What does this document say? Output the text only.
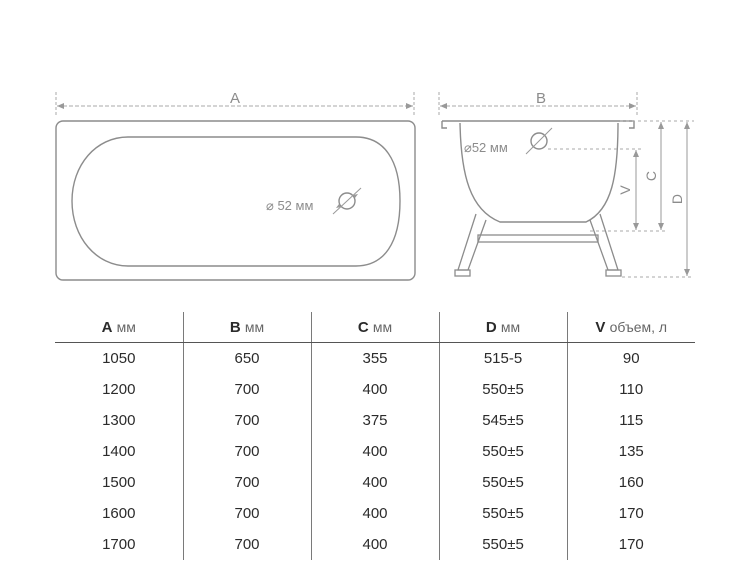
A
⌀ 52 мм
B
⌀52 мм
V
C
D
A мм	B мм	C мм	D мм	V объем, л
1050	650	355	515-5	90
1200	700	400	550±5	110
1300	700	375	545±5	115
1400	700	400	550±5	135
1500	700	400	550±5	160
1600	700	400	550±5	170
1700	700	400	550±5	170
